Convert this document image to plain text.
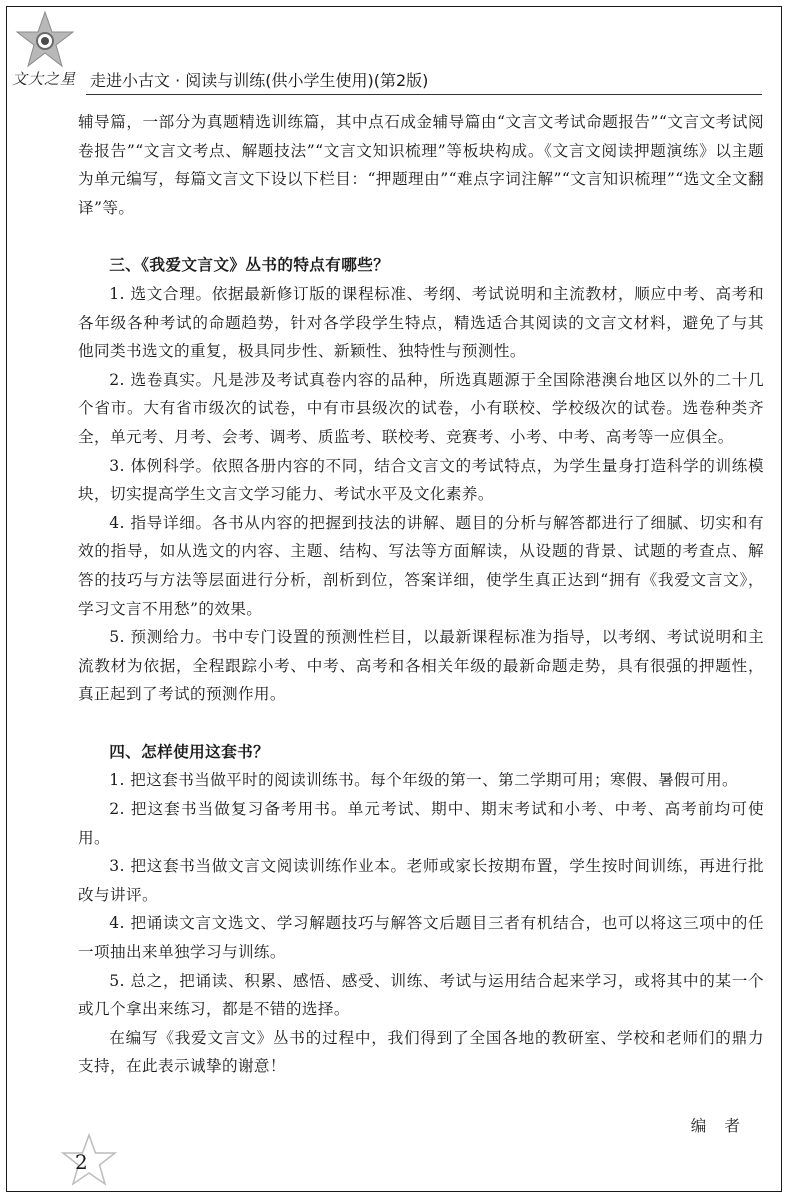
文大之星 走进小古文 · 阅读与训练(供小学生使用)(第2版)

辅导篇，一部分为真题精选训练篇，其中点石成金辅导篇由“文言文考试命题报告”“文言文考试阅卷报告”“文言文考点、解题技法”“文言文知识梳理”等板块构成。《文言文阅读押题演练》以主题为单元编写，每篇文言文下设以下栏目：“押题理由”“难点字词注解”“文言知识梳理”“选文全文翻译”等。

三、《我爱文言文》丛书的特点有哪些？

1. 选文合理。依据最新修订版的课程标准、考纲、考试说明和主流教材，顺应中考、高考和各年级各种考试的命题趋势，针对各学段学生特点，精选适合其阅读的文言文材料，避免了与其他同类书选文的重复，极具同步性、新颖性、独特性与预测性。

2. 选卷真实。凡是涉及考试真卷内容的品种，所选真题源于全国除港澳台地区以外的二十几个省市。大有省市级次的试卷，中有市县级次的试卷，小有联校、学校级次的试卷。选卷种类齐全，单元考、月考、会考、调考、质监考、联校考、竞赛考、小考、中考、高考等一应俱全。

3. 体例科学。依照各册内容的不同，结合文言文的考试特点，为学生量身打造科学的训练模块，切实提高学生文言文学习能力、考试水平及文化素养。

4. 指导详细。各书从内容的把握到技法的讲解、题目的分析与解答都进行了细腻、切实和有效的指导，如从选文的内容、主题、结构、写法等方面解读，从设题的背景、试题的考查点、解答的技巧与方法等层面进行分析，剖析到位，答案详细，使学生真正达到“拥有《我爱文言文》，学习文言不用愁”的效果。

5. 预测给力。书中专门设置的预测性栏目，以最新课程标准为指导，以考纲、考试说明和主流教材为依据，全程跟踪小考、中考、高考和各相关年级的最新命题走势，具有很强的押题性，真正起到了考试的预测作用。

四、怎样使用这套书？

1. 把这套书当做平时的阅读训练书。每个年级的第一、第二学期可用；寒假、暑假可用。

2. 把这套书当做复习备考用书。单元考试、期中、期末考试和小考、中考、高考前均可使用。

3. 把这套书当做文言文阅读训练作业本。老师或家长按期布置，学生按时间训练，再进行批改与讲评。

4. 把诵读文言文选文、学习解题技巧与解答文后题目三者有机结合，也可以将这三项中的任一项抽出来单独学习与训练。

5. 总之，把诵读、积累、感悟、感受、训练、考试与运用结合起来学习，或将其中的某一个或几个拿出来练习，都是不错的选择。

在编写《我爱文言文》丛书的过程中，我们得到了全国各地的教研室、学校和老师们的鼎力支持，在此表示诚挚的谢意！

编者

2
